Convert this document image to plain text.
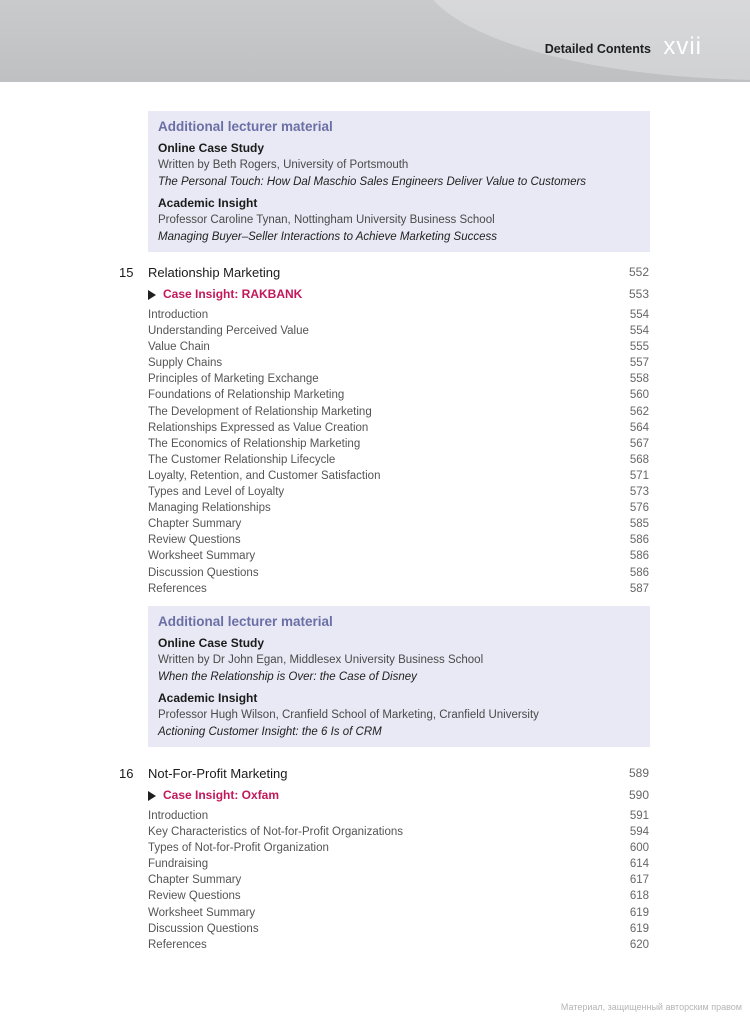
Detailed Contents xvii
Additional lecturer material
Online Case Study
Written by Beth Rogers, University of Portsmouth
The Personal Touch: How Dal Maschio Sales Engineers Deliver Value to Customers
Academic Insight
Professor Caroline Tynan, Nottingham University Business School
Managing Buyer–Seller Interactions to Achieve Marketing Success
15 Relationship Marketing	552
Case Insight: RAKBANK	553
Introduction	554
Understanding Perceived Value	554
Value Chain	555
Supply Chains	557
Principles of Marketing Exchange	558
Foundations of Relationship Marketing	560
The Development of Relationship Marketing	562
Relationships Expressed as Value Creation	564
The Economics of Relationship Marketing	567
The Customer Relationship Lifecycle	568
Loyalty, Retention, and Customer Satisfaction	571
Types and Level of Loyalty	573
Managing Relationships	576
Chapter Summary	585
Review Questions	586
Worksheet Summary	586
Discussion Questions	586
References	587
Additional lecturer material
Online Case Study
Written by Dr John Egan, Middlesex University Business School
When the Relationship is Over: the Case of Disney
Academic Insight
Professor Hugh Wilson, Cranfield School of Marketing, Cranfield University
Actioning Customer Insight: the 6 Is of CRM
16 Not-For-Profit Marketing	589
Case Insight: Oxfam	590
Introduction	591
Key Characteristics of Not-for-Profit Organizations	594
Types of Not-for-Profit Organization	600
Fundraising	614
Chapter Summary	617
Review Questions	618
Worksheet Summary	619
Discussion Questions	619
References	620
Материал, защищенный авторским правом
